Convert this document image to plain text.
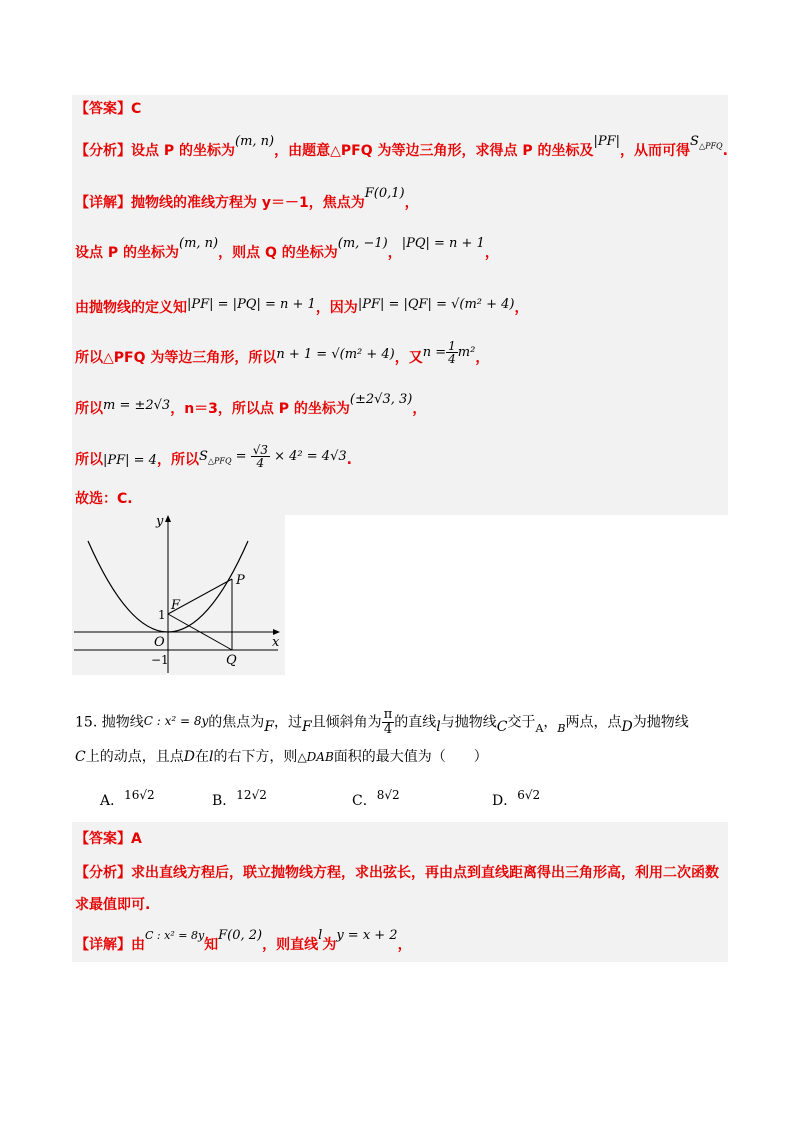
【答案】C
【分析】设点 P 的坐标为(m, n)，由题意△PFQ 为等边三角形，求得点 P 的坐标及|PF|，从而可得$S_{\triangle PFQ}$.
【详解】抛物线的准线方程为 y＝－1，焦点为F(0,1)，
设点 P 的坐标为(m, n)，则点 Q 的坐标为(m, −1)，|PQ| = n + 1，
由抛物线的定义知|PF| = |PQ| = n + 1，因为|PF| = |QF| = √(m² + 4)，
所以△PFQ 为等边三角形，所以n + 1 = √(m² + 4)，又$n = \frac{1}{4} m^2$，
所以m = ±2√3，n＝3，所以点 P 的坐标为(±2√3, 3)，
所以|PF| = 4，所以$S_{\triangle PFQ} = \frac{√3}{4} \times 4^2 = 4√3$.
故选：C.
y
x
O
1
−1
F
P
Q
15. 抛物线C : x² = 8y的焦点为F，过F且倾斜角为 $\frac{\pi}{4}$ 的直线l与抛物线C交于$_A$，$_B$两点，点D为抛物线
C上的动点，且点D在l的右下方，则△DAB面积的最大值为（　　）
A．16√2	B．12√2	C．8√2	D．6√2
【答案】A
【分析】求出直线方程后，联立抛物线方程，求出弦长，再由点到直线距离得出三角形高，利用二次函数
求最值即可.
【详解】由$^{C : x^2 = 8y}$知F(0, 2)，则直线l为y = x + 2，
